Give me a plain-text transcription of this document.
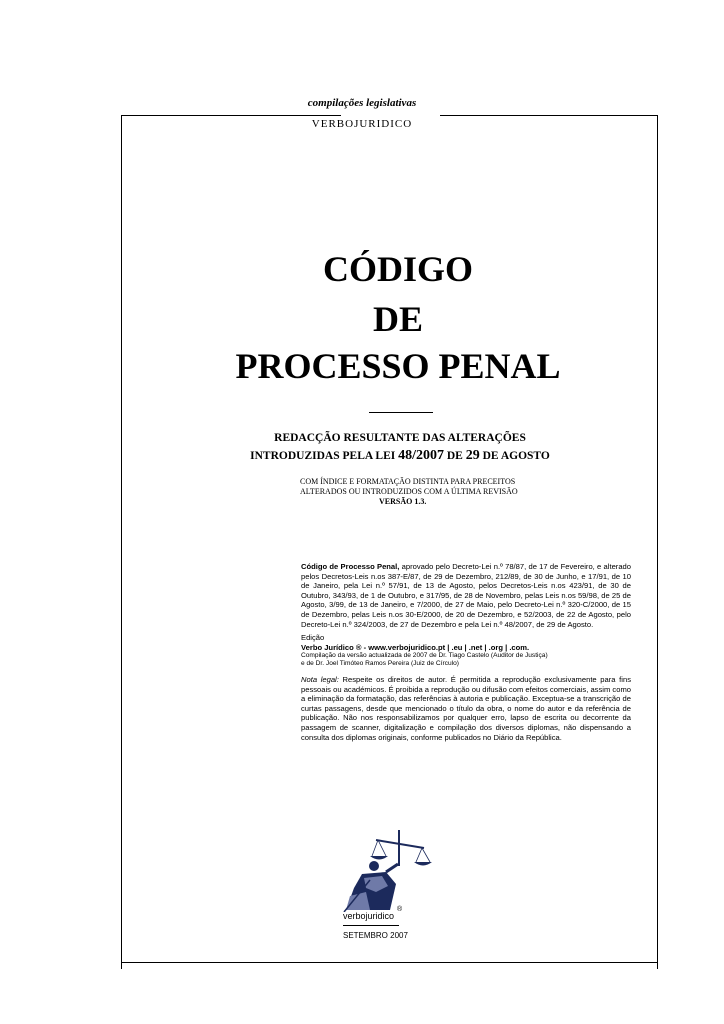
compilações legislativas
VERBOJURIDICO
CÓDIGO
DE
PROCESSO PENAL
REDACÇÃO RESULTANTE DAS ALTERAÇÕES
INTRODUZIDAS PELA LEI 48/2007 DE 29 DE AGOSTO
COM ÍNDICE E FORMATAÇÃO DISTINTA PARA PRECEITOS
ALTERADOS OU INTRODUZIDOS COM A ÚLTIMA REVISÃO
VERSÃO 1.3.
Código de Processo Penal, aprovado pelo Decreto-Lei n.º 78/87, de 17 de Fevereiro, e alterado pelos Decretos-Leis n.os 387-E/87, de 29 de Dezembro, 212/89, de 30 de Junho, e 17/91, de 10 de Janeiro, pela Lei n.º 57/91, de 13 de Agosto, pelos Decretos-Leis n.os 423/91, de 30 de Outubro, 343/93, de 1 de Outubro, e 317/95, de 28 de Novembro, pelas Leis n.os 59/98, de 25 de Agosto, 3/99, de 13 de Janeiro, e 7/2000, de 27 de Maio, pelo Decreto-Lei n.º 320-C/2000, de 15 de Dezembro, pelas Leis n.os 30-E/2000, de 20 de Dezembro, e 52/2003, de 22 de Agosto, pelo Decreto-Lei n.º 324/2003, de 27 de Dezembro e pela Lei n.º 48/2007, de 29 de Agosto.
Edição
Verbo Jurídico ® - www.verbojuridico.pt | .eu | .net | .org | .com.
Compilação da versão actualizada de 2007 de Dr. Tiago Castelo (Auditor de Justiça)
e de Dr. Joel Timóteo Ramos Pereira (Juiz de Círculo)
Nota legal: Respeite os direitos de autor. É permitida a reprodução exclusivamente para fins pessoais ou académicos. É proibida a reprodução ou difusão com efeitos comerciais, assim como a eliminação da formatação, das referências à autoria e publicação. Exceptua-se a transcrição de curtas passagens, desde que mencionado o título da obra, o nome do autor e da referência de publicação. Não nos responsabilizamos por qualquer erro, lapso de escrita ou decorrente da passagem de scanner, digitalização e compilação dos diversos diplomas, não dispensando a consulta dos diplomas originais, conforme publicados no Diário da República.
verbojuridico
®
SETEMBRO 2007
